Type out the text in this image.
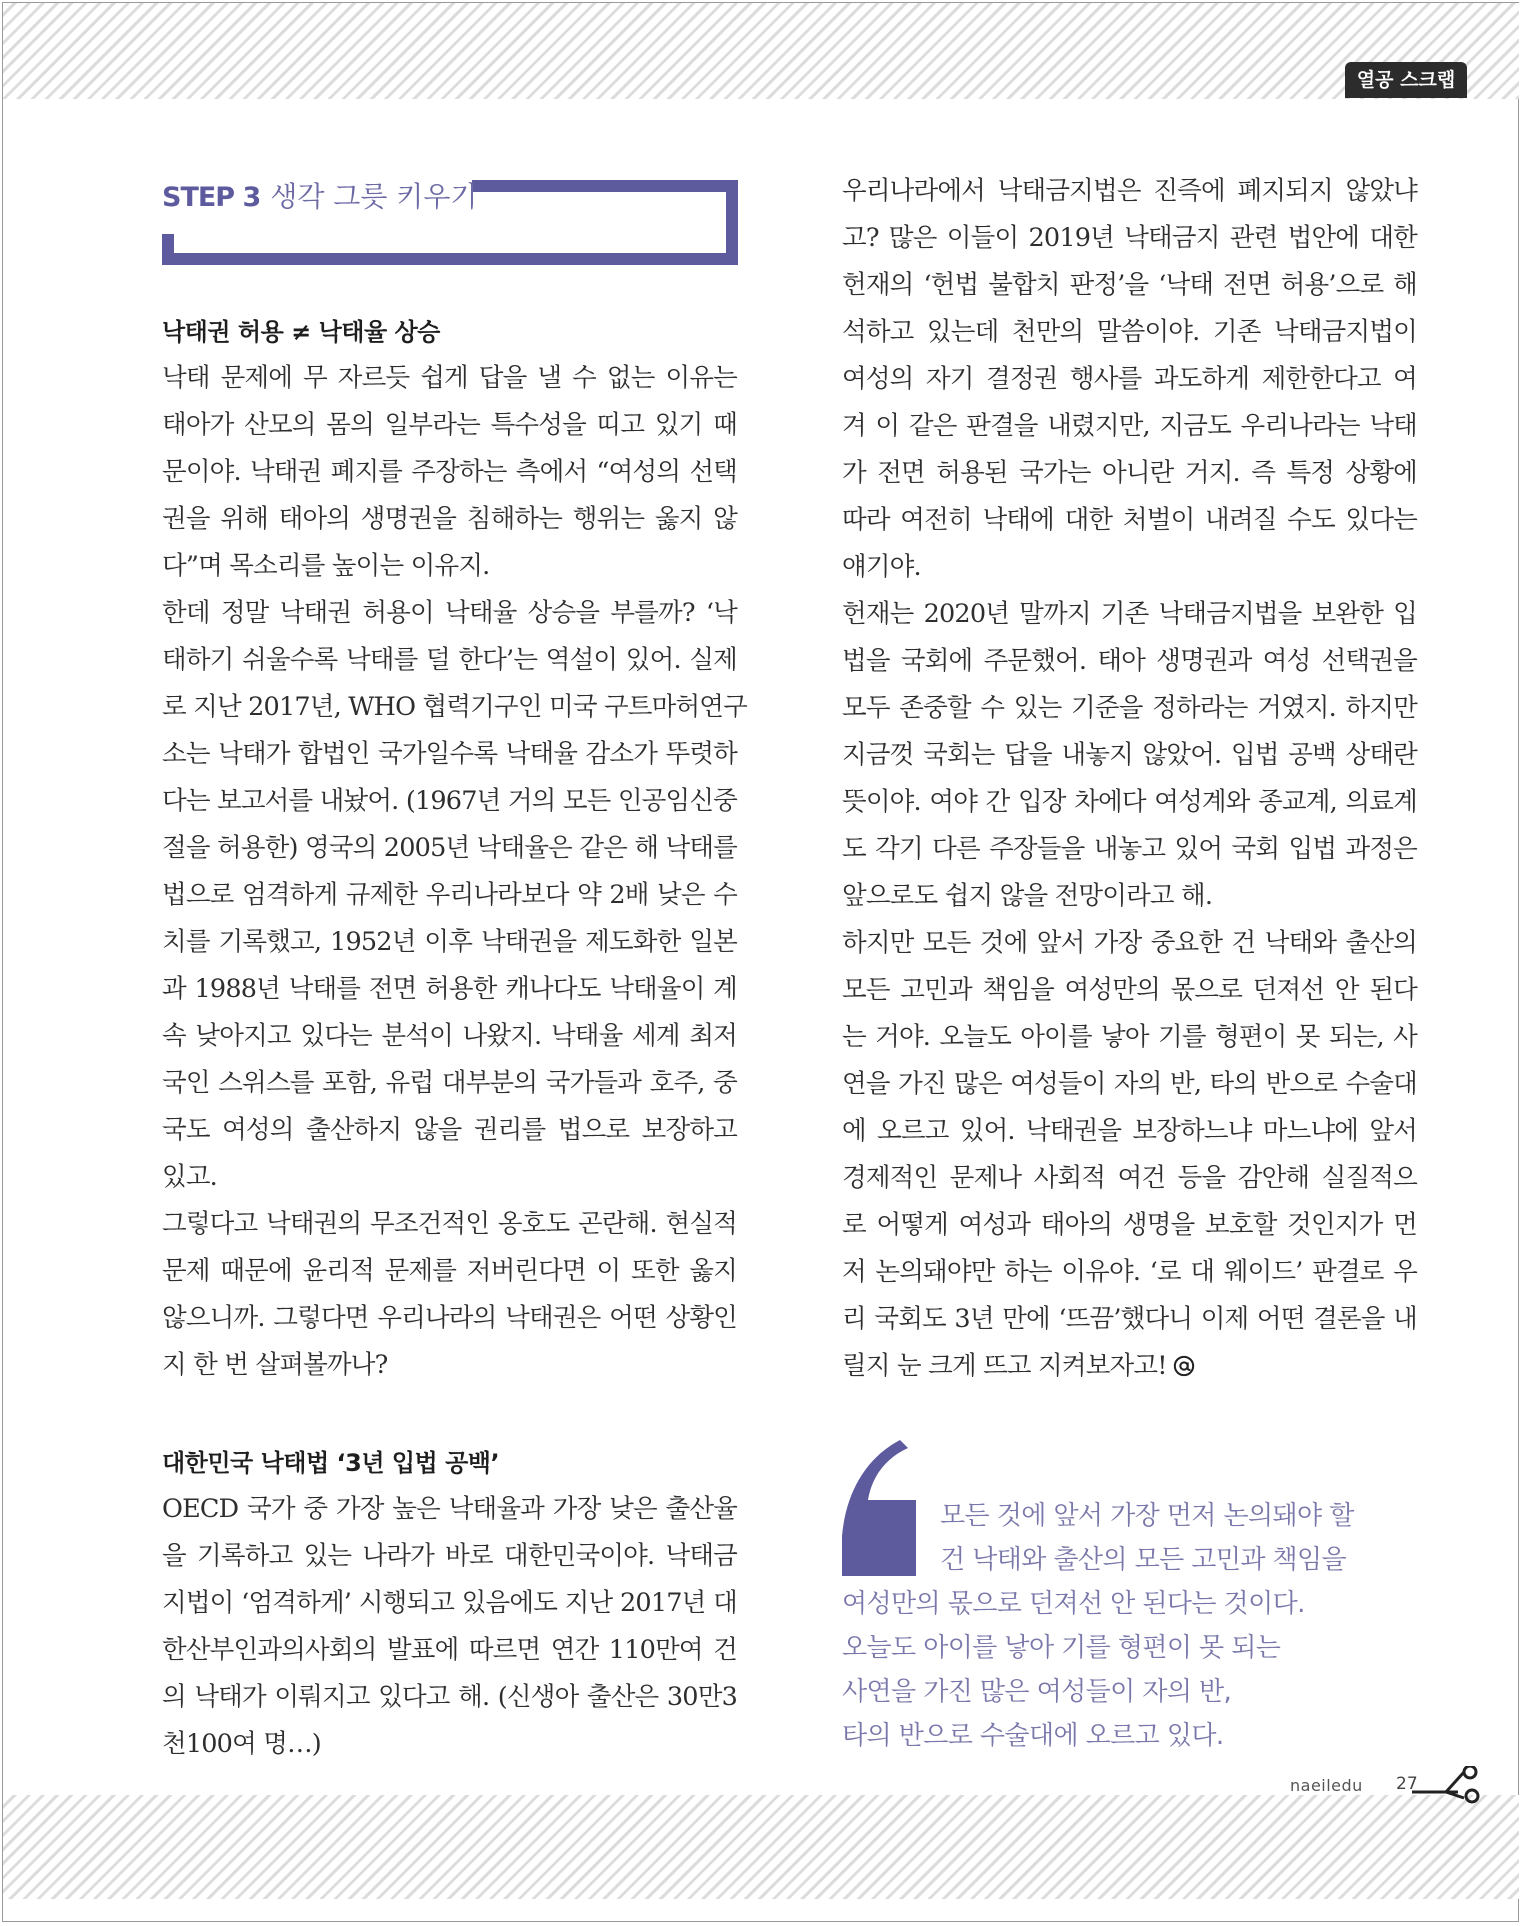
열공 스크랩
STEP 3 생각 그릇 키우기
낙태권 허용 ≠ 낙태율 상승
낙태 문제에 무 자르듯 쉽게 답을 낼 수 없는 이유는
태아가 산모의 몸의 일부라는 특수성을 띠고 있기 때
문이야. 낙태권 폐지를 주장하는 측에서 “여성의 선택
권을 위해 태아의 생명권을 침해하는 행위는 옳지 않
다”며 목소리를 높이는 이유지.
한데 정말 낙태권 허용이 낙태율 상승을 부를까? ‘낙
태하기 쉬울수록 낙태를 덜 한다’는 역설이 있어. 실제
로 지난 2017년, WHO 협력기구인 미국 구트마허연구
소는 낙태가 합법인 국가일수록 낙태율 감소가 뚜렷하
다는 보고서를 내놨어. (1967년 거의 모든 인공임신중
절을 허용한) 영국의 2005년 낙태율은 같은 해 낙태를
법으로 엄격하게 규제한 우리나라보다 약 2배 낮은 수
치를 기록했고, 1952년 이후 낙태권을 제도화한 일본
과 1988년 낙태를 전면 허용한 캐나다도 낙태율이 계
속 낮아지고 있다는 분석이 나왔지. 낙태율 세계 최저
국인 스위스를 포함, 유럽 대부분의 국가들과 호주, 중
국도 여성의 출산하지 않을 권리를 법으로 보장하고
있고.
그렇다고 낙태권의 무조건적인 옹호도 곤란해. 현실적
문제 때문에 윤리적 문제를 저버린다면 이 또한 옳지
않으니까. 그렇다면 우리나라의 낙태권은 어떤 상황인
지 한 번 살펴볼까나?
대한민국 낙태법 ‘3년 입법 공백’
OECD 국가 중 가장 높은 낙태율과 가장 낮은 출산율
을 기록하고 있는 나라가 바로 대한민국이야. 낙태금
지법이 ‘엄격하게’ 시행되고 있음에도 지난 2017년 대
한산부인과의사회의 발표에 따르면 연간 110만여 건
의 낙태가 이뤄지고 있다고 해. (신생아 출산은 30만3
천100여 명…)
우리나라에서 낙태금지법은 진즉에 폐지되지 않았냐
고? 많은 이들이 2019년 낙태금지 관련 법안에 대한
헌재의 ‘헌법 불합치 판정’을 ‘낙태 전면 허용’으로 해
석하고 있는데 천만의 말씀이야. 기존 낙태금지법이
여성의 자기 결정권 행사를 과도하게 제한한다고 여
겨 이 같은 판결을 내렸지만, 지금도 우리나라는 낙태
가 전면 허용된 국가는 아니란 거지. 즉 특정 상황에
따라 여전히 낙태에 대한 처벌이 내려질 수도 있다는
얘기야.
헌재는 2020년 말까지 기존 낙태금지법을 보완한 입
법을 국회에 주문했어. 태아 생명권과 여성 선택권을
모두 존중할 수 있는 기준을 정하라는 거였지. 하지만
지금껏 국회는 답을 내놓지 않았어. 입법 공백 상태란
뜻이야. 여야 간 입장 차에다 여성계와 종교계, 의료계
도 각기 다른 주장들을 내놓고 있어 국회 입법 과정은
앞으로도 쉽지 않을 전망이라고 해.
하지만 모든 것에 앞서 가장 중요한 건 낙태와 출산의
모든 고민과 책임을 여성만의 몫으로 던져선 안 된다
는 거야. 오늘도 아이를 낳아 기를 형편이 못 되는, 사
연을 가진 많은 여성들이 자의 반, 타의 반으로 수술대
에 오르고 있어. 낙태권을 보장하느냐 마느냐에 앞서
경제적인 문제나 사회적 여건 등을 감안해 실질적으
로 어떻게 여성과 태아의 생명을 보호할 것인지가 먼
저 논의돼야만 하는 이유야. ‘로 대 웨이드’ 판결로 우
리 국회도 3년 만에 ‘뜨끔’했다니 이제 어떤 결론을 내
릴지 눈 크게 뜨고 지켜보자고!
모든 것에 앞서 가장 먼저 논의돼야 할
건 낙태와 출산의 모든 고민과 책임을
여성만의 몫으로 던져선 안 된다는 것이다.
오늘도 아이를 낳아 기를 형편이 못 되는
사연을 가진 많은 여성들이 자의 반,
타의 반으로 수술대에 오르고 있다.
naeiledu 27
